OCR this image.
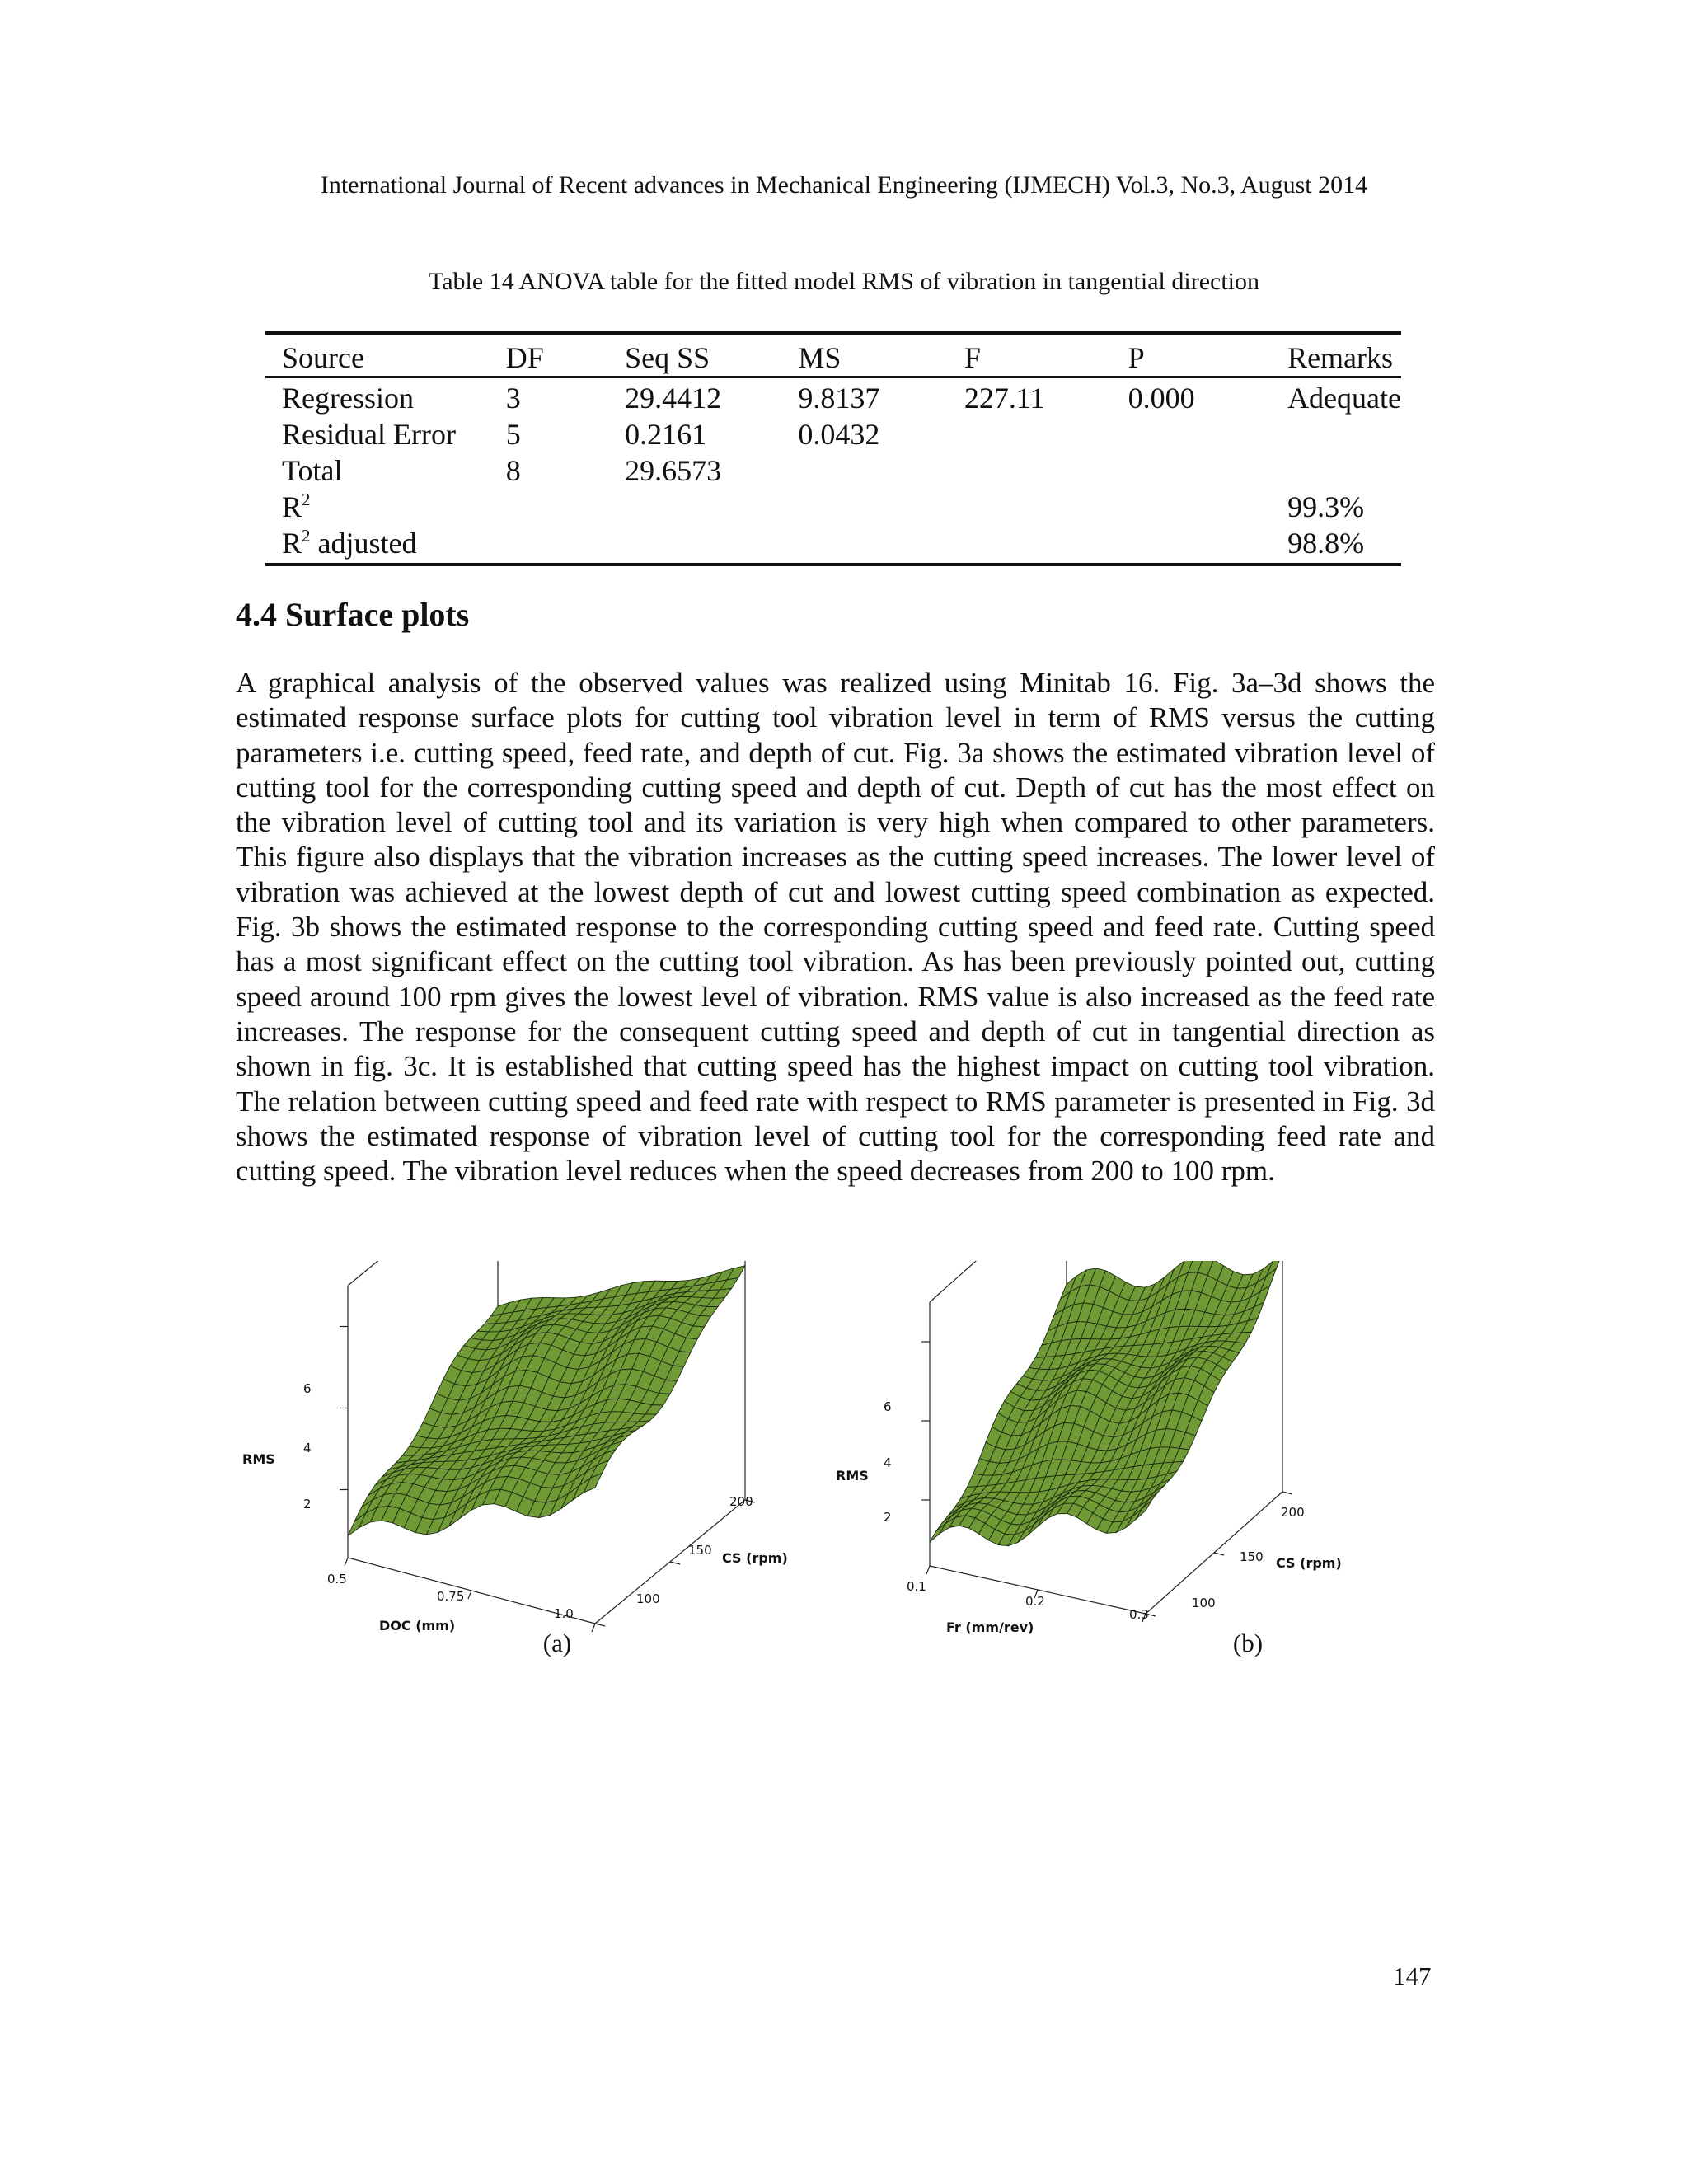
International Journal of Recent advances in Mechanical Engineering (IJMECH) Vol.3, No.3, August 2014
Table 14 ANOVA table for the fitted model RMS of vibration in tangential direction
Source	DF	Seq SS	MS	F	P	Remarks
Regression	3	29.4412	9.8137	227.11	0.000	Adequate
Residual Error	5	0.2161	0.0432			
Total	8	29.6573				
$R^2$						99.3%
$R^2$ adjusted						98.8%
4.4 Surface plots

A graphical analysis of the observed values was realized using Minitab 16. Fig. 3a–3d shows the estimated response surface plots for cutting tool vibration level in term of RMS versus the cutting parameters i.e. cutting speed, feed rate, and depth of cut. Fig. 3a shows the estimated vibration level of cutting tool for the corresponding cutting speed and depth of cut. Depth of cut has the most effect on the vibration level of cutting tool and its variation is very high when compared to other parameters. This figure also displays that the vibration increases as the cutting speed increases. The lower level of vibration was achieved at the lowest depth of cut and lowest cutting speed combination as expected. Fig. 3b shows the estimated response to the corresponding cutting speed and feed rate. Cutting speed has a most significant effect on the cutting tool vibration. As has been previously pointed out, cutting speed around 100 rpm gives the lowest level of vibration. RMS value is also increased as the feed rate increases. The response for the consequent cutting speed and depth of cut in tangential direction as shown in fig. 3c. It is established that cutting speed has the highest impact on cutting tool vibration. The relation between cutting speed and feed rate with respect to RMS parameter is presented in Fig. 3d shows the estimated response of vibration level of cutting tool for the corresponding feed rate and cutting speed. The vibration level reduces when the speed decreases from 200 to 100 rpm.

RMS
DOC (mm)
CS (rpm)
6
4
2
0.5
0.75
1.0
100
150
200
RMS
Fr (mm/rev)
CS (rpm)
6
4
2
0.1
0.2
0.3
100
150
200
(a)	(b)
147
